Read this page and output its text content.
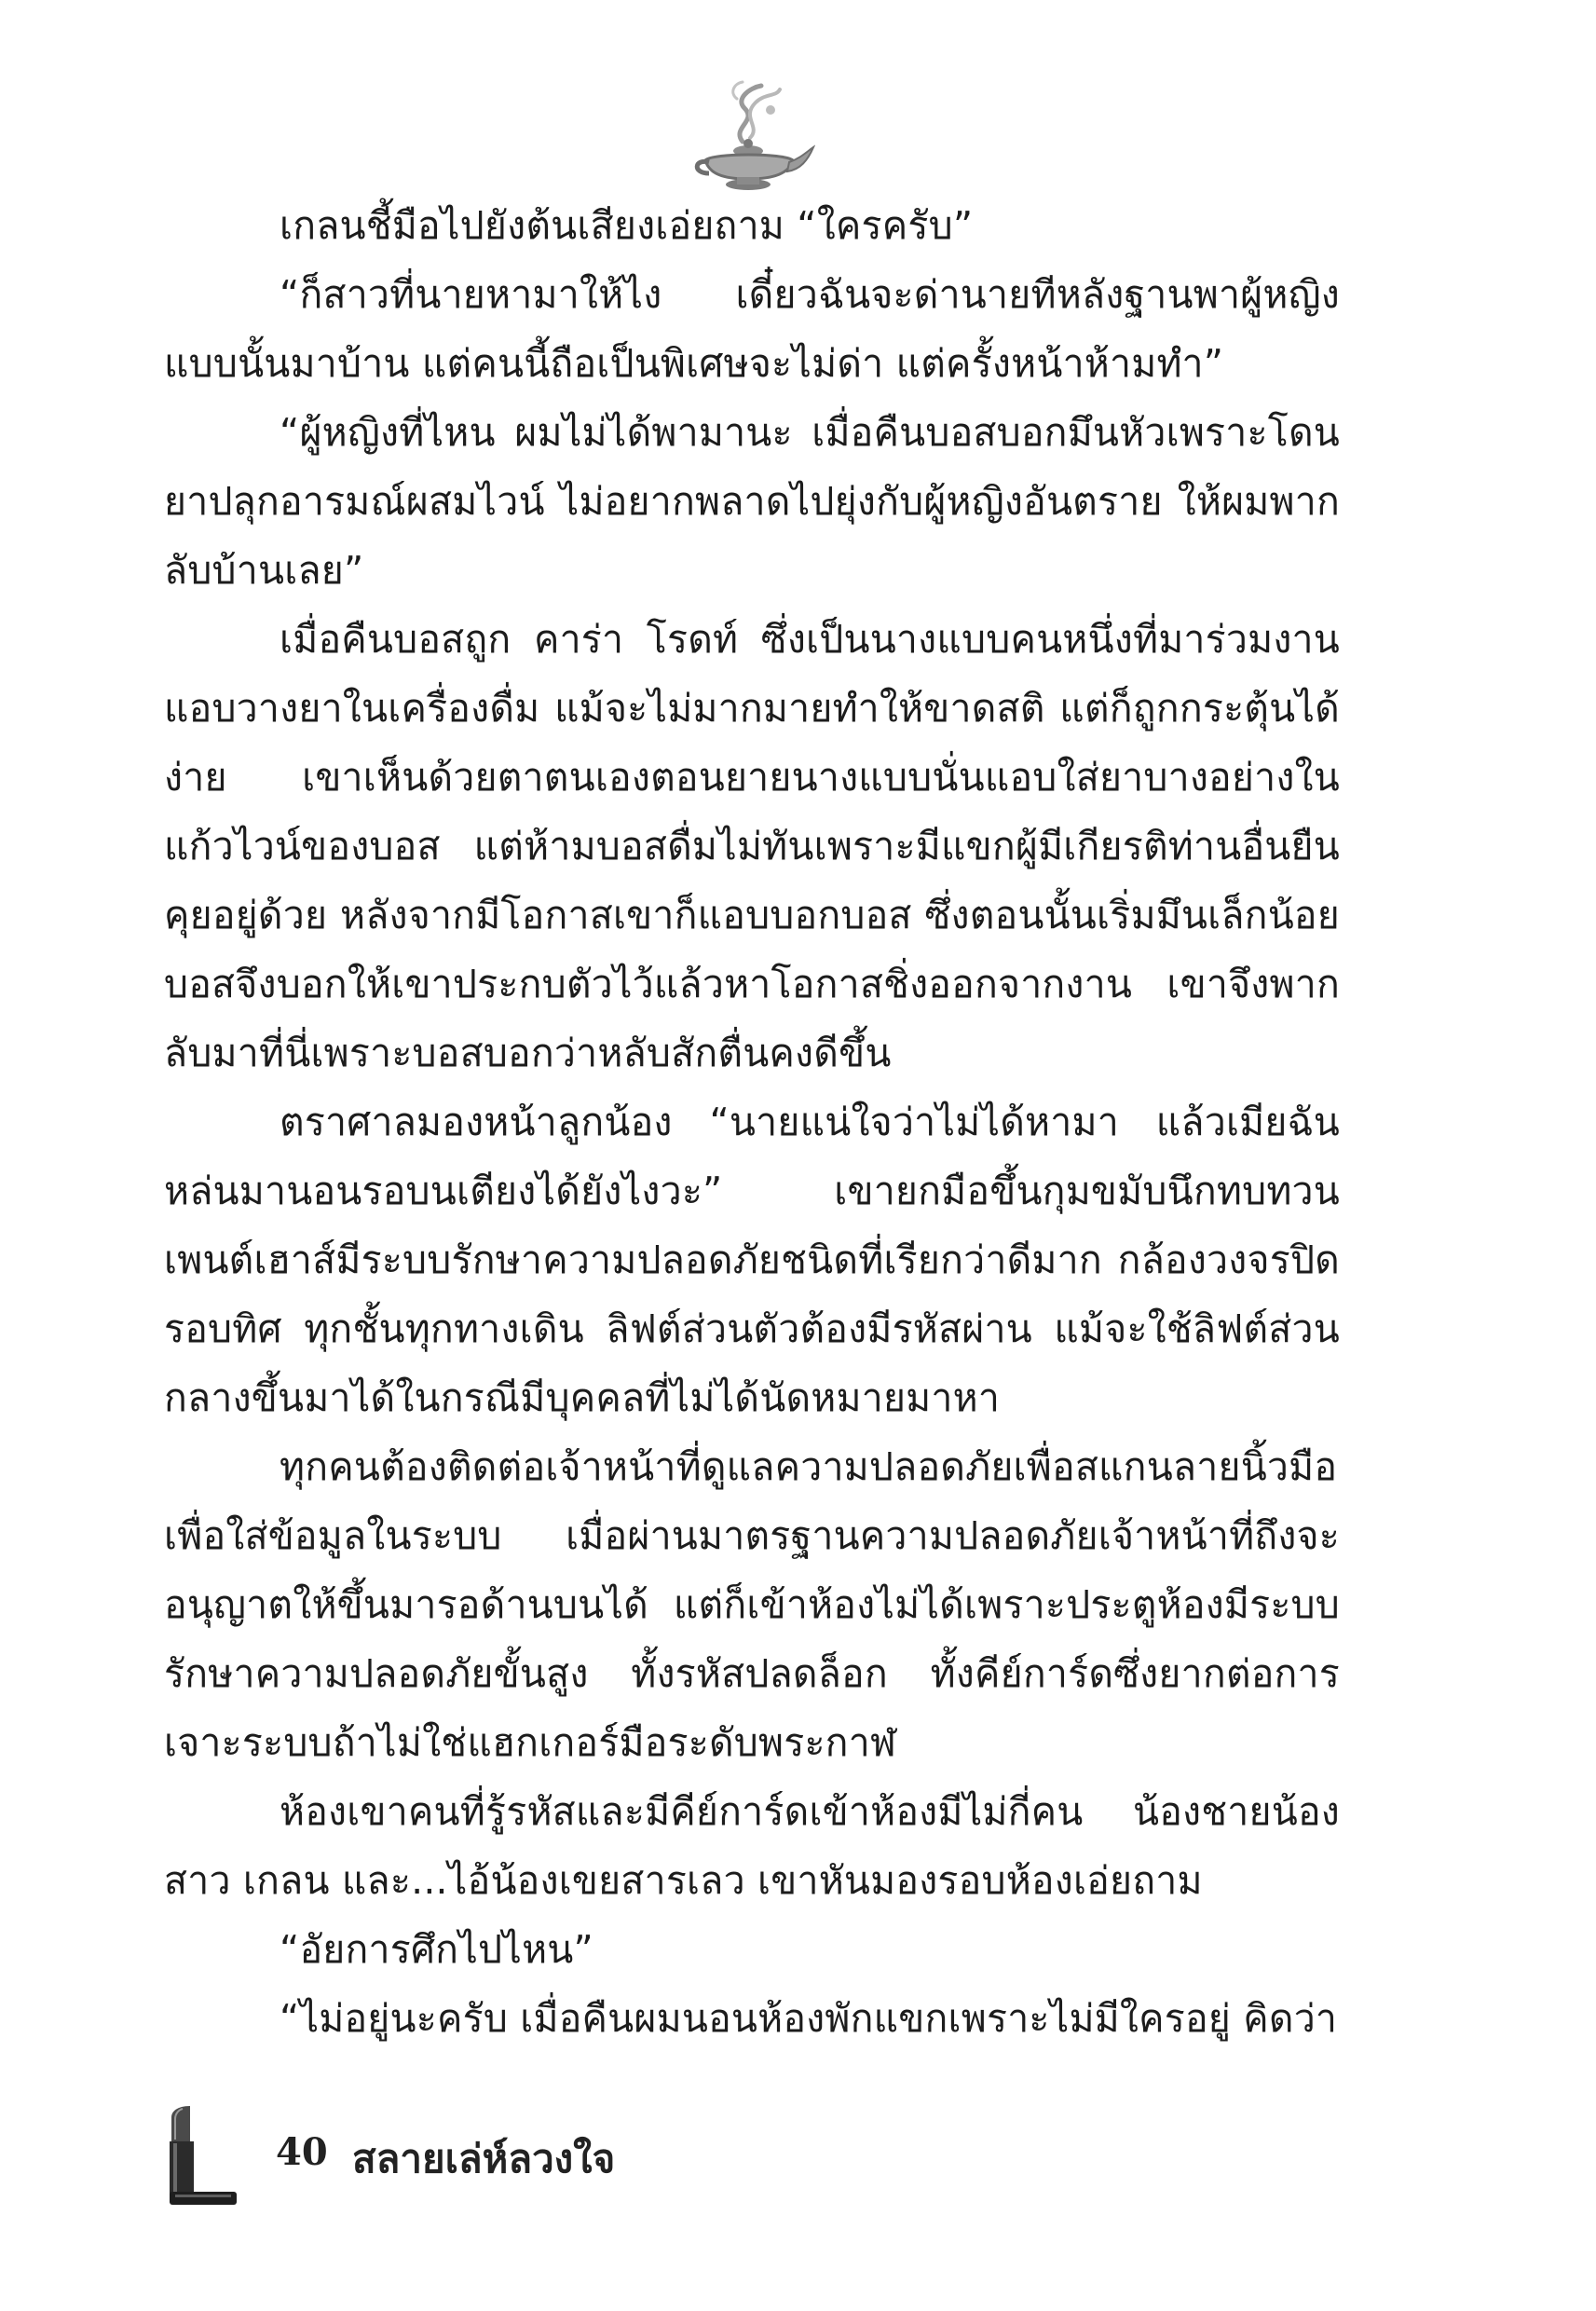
เกลนชี้มือไปยังต้นเสียงเอ่ยถาม “ใครครับ”

“ก็สาวที่นายหามาให้ไง เดี๋ยวฉันจะด่านายทีหลังฐานพาผู้หญิงแบบนั้นมาบ้าน แต่คนนี้ถือเป็นพิเศษจะไม่ด่า แต่ครั้งหน้าห้ามทำ”

“ผู้หญิงที่ไหน ผมไม่ได้พามานะ เมื่อคืนบอสบอกมึนหัวเพราะโดนยาปลุกอารมณ์ผสมไวน์ ไม่อยากพลาดไปยุ่งกับผู้หญิงอันตราย ให้ผมพากลับบ้านเลย”

เมื่อคืนบอสถูก คาร่า โรดท์ ซึ่งเป็นนางแบบคนหนึ่งที่มาร่วมงานแอบวางยาในเครื่องดื่ม แม้จะไม่มากมายทำให้ขาดสติ แต่ก็ถูกกระตุ้นได้ง่าย เขาเห็นด้วยตาตนเองตอนยายนางแบบนั่นแอบใส่ยาบางอย่างในแก้วไวน์ของบอส แต่ห้ามบอสดื่มไม่ทันเพราะมีแขกผู้มีเกียรติท่านอื่นยืนคุยอยู่ด้วย หลังจากมีโอกาสเขาก็แอบบอกบอส ซึ่งตอนนั้นเริ่มมึนเล็กน้อย บอสจึงบอกให้เขาประกบตัวไว้แล้วหาโอกาสชิ่งออกจากงาน เขาจึงพากลับมาที่นี่เพราะบอสบอกว่าหลับสักตื่นคงดีขึ้น

ตราศาลมองหน้าลูกน้อง “นายแน่ใจว่าไม่ได้หามา แล้วเมียฉันหล่นมานอนรอบนเตียงได้ยังไงวะ” เขายกมือขึ้นกุมขมับนึกทบทวน เพนต์เฮาส์มีระบบรักษาความปลอดภัยชนิดที่เรียกว่าดีมาก กล้องวงจรปิดรอบทิศ ทุกชั้นทุกทางเดิน ลิฟต์ส่วนตัวต้องมีรหัสผ่าน แม้จะใช้ลิฟต์ส่วนกลางขึ้นมาได้ในกรณีมีบุคคลที่ไม่ได้นัดหมายมาหา

ทุกคนต้องติดต่อเจ้าหน้าที่ดูแลความปลอดภัยเพื่อสแกนลายนิ้วมือเพื่อใส่ข้อมูลในระบบ เมื่อผ่านมาตรฐานความปลอดภัยเจ้าหน้าที่ถึงจะอนุญาตให้ขึ้นมารอด้านบนได้ แต่ก็เข้าห้องไม่ได้เพราะประตูห้องมีระบบรักษาความปลอดภัยขั้นสูง ทั้งรหัสปลดล็อก ทั้งคีย์การ์ดซึ่งยากต่อการเจาะระบบถ้าไม่ใช่แฮกเกอร์มือระดับพระกาฬ

ห้องเขาคนที่รู้รหัสและมีคีย์การ์ดเข้าห้องมีไม่กี่คน น้องชายน้องสาว เกลน และ...ไอ้น้องเขยสารเลว เขาหันมองรอบห้องเอ่ยถาม

“อัยการศึกไปไหน”

“ไม่อยู่นะครับ เมื่อคืนผมนอนห้องพักแขกเพราะไม่มีใครอยู่ คิดว่า

40 สลายเล่ห์ลวงใจ
